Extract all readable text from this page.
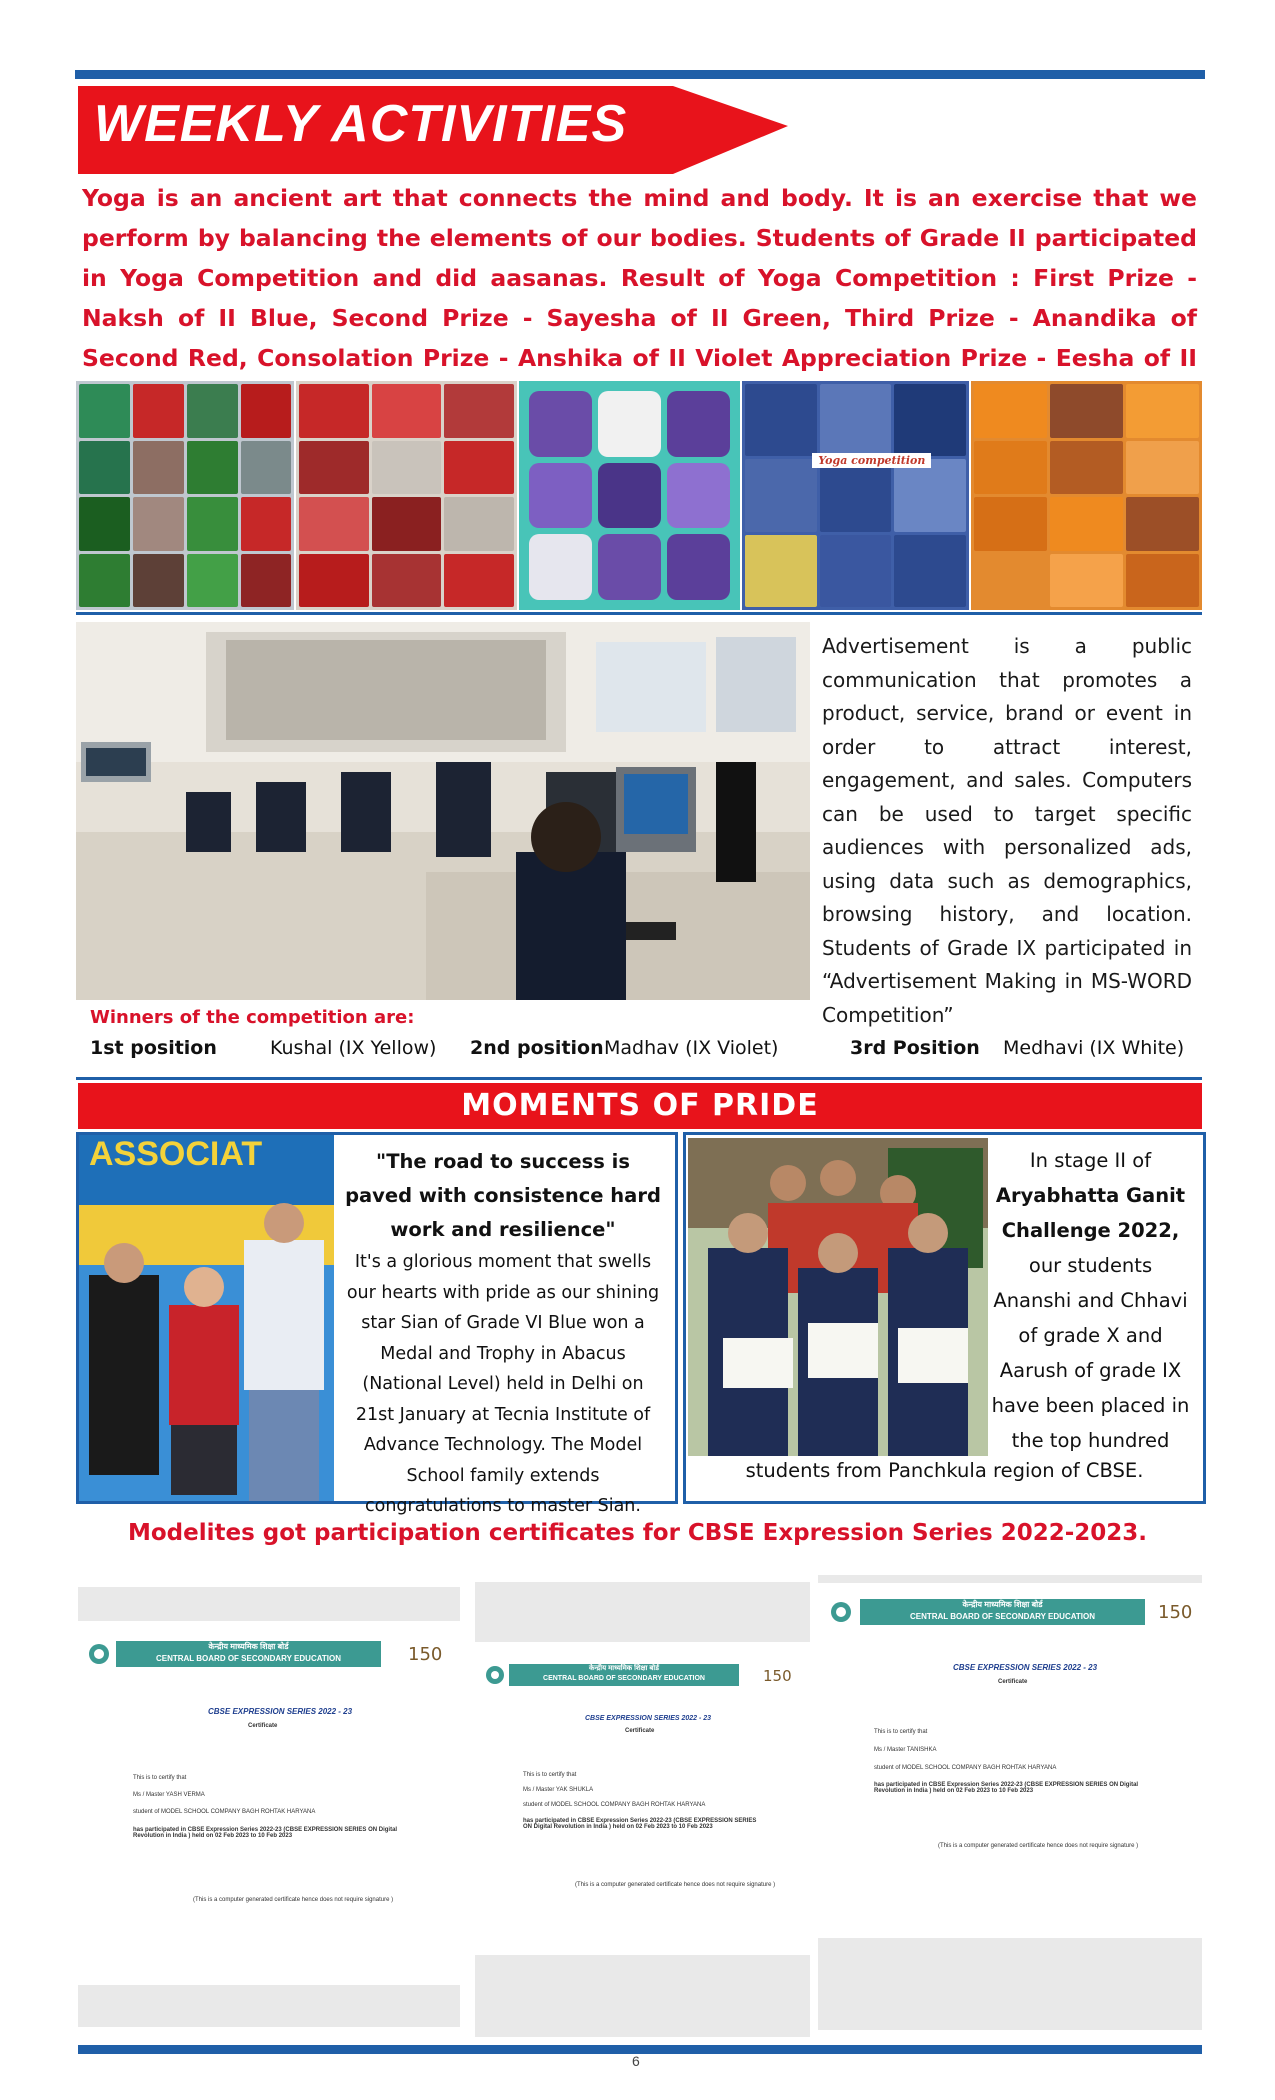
WEEKLY ACTIVITIES
Yoga is an ancient art that connects the mind and body. It is an exercise that we perform by balancing the elements of our bodies. Students of Grade II participated in Yoga Competition and did aasanas. Result of Yoga Competition : First Prize - Naksh of II Blue, Second Prize - Sayesha of II Green, Third Prize - Anandika of Second Red, Consolation Prize - Anshika of II Violet Appreciation Prize - Eesha of II
Yoga competition
Advertisement is a public communication that promotes a product, service, brand or event in order to attract interest, engagement, and sales. Computers can be used to target specific audiences with personalized ads, using data such as demographics, browsing history, and location. Students of Grade IX participated in “Advertisement Making in MS-WORD Competition”
Winners of the competition are:
1st position	Kushal (IX Yellow) 2nd position Madhav (IX Violet)	3rd Position Medhavi (IX White)
MOMENTS OF PRIDE
ASSOCIAT	"The road to success is paved with consistence hard work and resilience"
It's a glorious moment that swells our hearts with pride as our shining star Sian of Grade VI Blue won a Medal and Trophy in Abacus (National Level) held in Delhi on 21st January at Tecnia Institute of Advance Technology. The Model School family extends congratulations to master Sian.
In stage II of
Aryabhatta Ganit Challenge 2022,
our students Ananshi and Chhavi of grade X and Aarush of grade IX have been placed in the top hundred
students from Panchkula region of CBSE.
Modelites got participation certificates for CBSE Expression Series 2022-2023.
केन्द्रीय माध्यमिक शिक्षा बोर्ड
CENTRAL BOARD OF SECONDARY EDUCATION	150
CBSE EXPRESSION SERIES 2022 - 23
Certificate
This is to certify that
Ms / Master YASH VERMA
student of MODEL SCHOOL COMPANY BAGH ROHTAK HARYANA
has participated in CBSE Expression Series 2022-23 (CBSE EXPRESSION SERIES ON Digital Revolution in India ) held on 02 Feb 2023 to 10 Feb 2023
(This is a computer generated certificate hence does not require signature )
केन्द्रीय माध्यमिक शिक्षा बोर्ड
CENTRAL BOARD OF SECONDARY EDUCATION	150
CBSE EXPRESSION SERIES 2022 - 23
Certificate
This is to certify that
Ms / Master YAK SHUKLA
student of MODEL SCHOOL COMPANY BAGH ROHTAK HARYANA
has participated in CBSE Expression Series 2022-23 (CBSE EXPRESSION SERIES ON Digital Revolution in India ) held on 02 Feb 2023 to 10 Feb 2023
(This is a computer generated certificate hence does not require signature )
केन्द्रीय माध्यमिक शिक्षा बोर्ड
CENTRAL BOARD OF SECONDARY EDUCATION	150
CBSE EXPRESSION SERIES 2022 - 23
Certificate
This is to certify that
Ms / Master TANISHKA
student of MODEL SCHOOL COMPANY BAGH ROHTAK HARYANA
has participated in CBSE Expression Series 2022-23 (CBSE EXPRESSION SERIES ON Digital Revolution in India ) held on 02 Feb 2023 to 10 Feb 2023
(This is a computer generated certificate hence does not require signature )
6
